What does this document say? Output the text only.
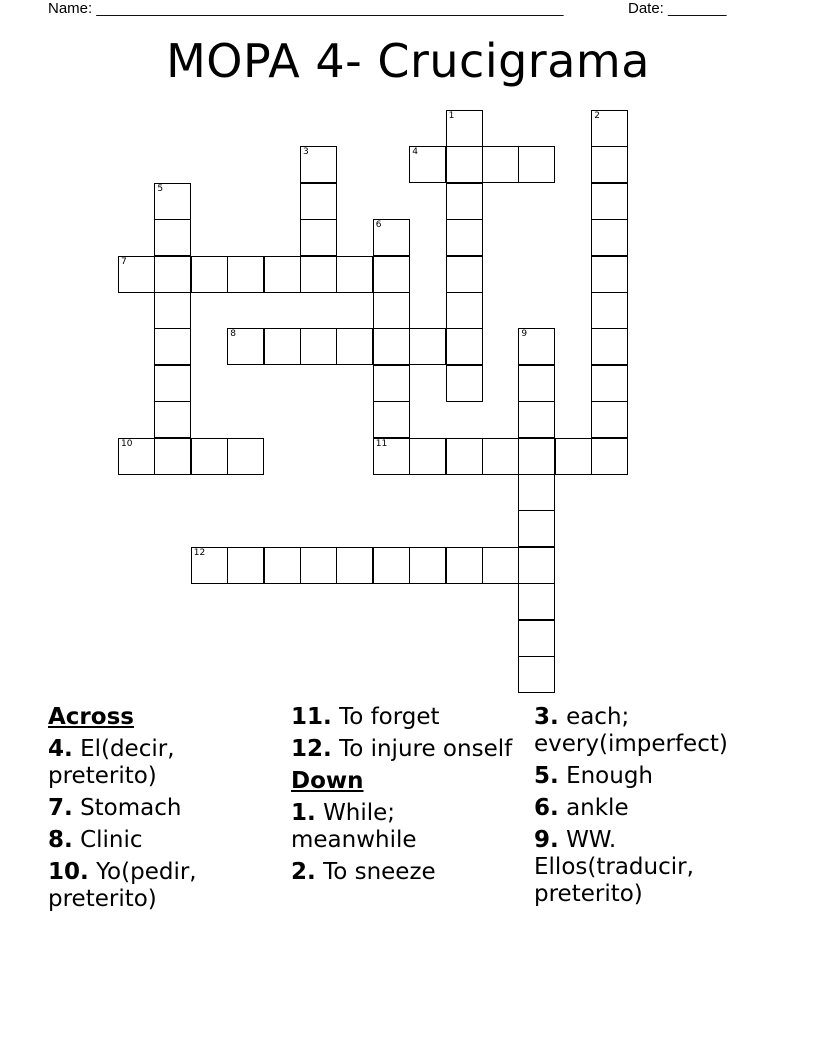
Name: ________________________________________________________	Date: _______
MOPA 4- Crucigrama
4
7
8
10	11
12
1	2
3
5
6
9
Across
4. El(decir, preterito)
7. Stomach
8. Clinic
10. Yo(pedir, preterito)
11. To forget
12. To injure onself
Down
1. While; meanwhile
2. To sneeze
3. each; every(imperfect)
5. Enough
6. ankle
9. WW. Ellos(traducir, preterito)
